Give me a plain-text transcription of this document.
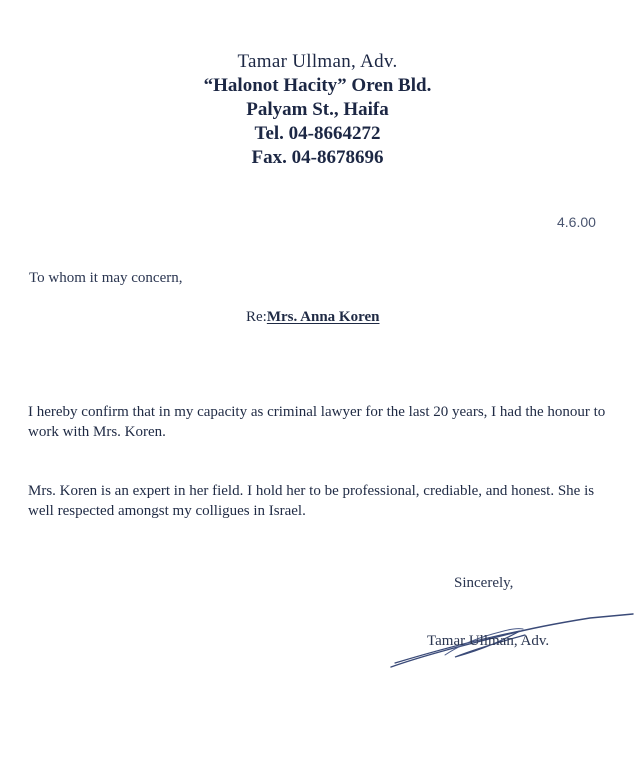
Tamar Ullman, Adv.
“Halonot Hacity” Oren Bld.
Palyam St., Haifa
Tel. 04-8664272
Fax. 04-8678696
4.6.00
To whom it may concern,
Re:Mrs. Anna Koren
I hereby confirm that in my capacity as criminal lawyer for the last 20 years, I had the honour to work with Mrs. Koren.
Mrs. Koren is an expert in her field. I hold her to be professional, crediable, and honest. She is well respected amongst my colligues in Israel.
Sincerely,
Tamar Ullman, Adv.
